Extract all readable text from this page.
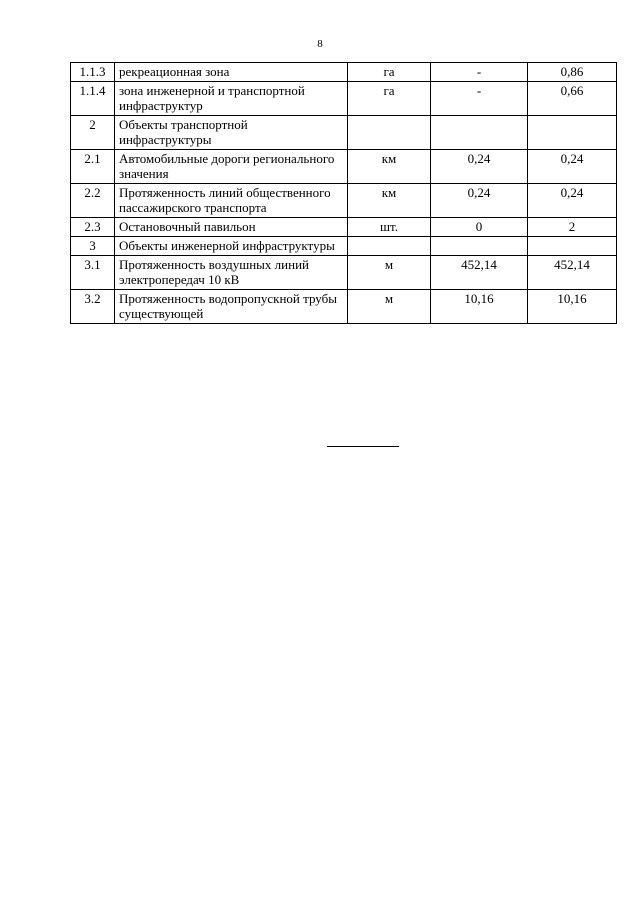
8
1.1.3	рекреационная зона	га	-	0,86
1.1.4	зона инженерной и транспортной инфраструктур	га	-	0,66
2	Объекты транспортной инфраструктуры			
2.1	Автомобильные дороги регионального значения	км	0,24	0,24
2.2	Протяженность линий общественного пассажирского транспорта	км	0,24	0,24
2.3	Остановочный павильон	шт.	0	2
3	Объекты инженерной инфраструктуры			
3.1	Протяженность воздушных линий электропередач 10 кВ	м	452,14	452,14
3.2	Протяженность водопропускной трубы существующей	м	10,16	10,16
